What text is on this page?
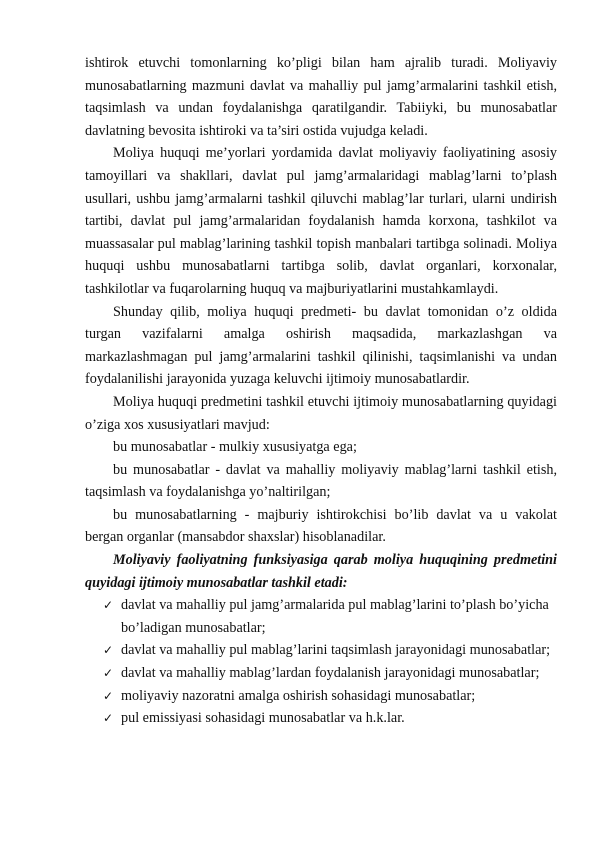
ishtirok etuvchi tomonlarning ko’pligi bilan ham ajralib turadi. Moliyaviy munosabatlarning mazmuni davlat va mahalliy pul jamg’armalarini tashkil etish, taqsimlash va undan foydalanishga qaratilgandir. Tabiiyki, bu munosabatlar davlatning bevosita ishtiroki va ta’siri ostida vujudga keladi.

Moliya huquqi me’yorlari yordamida davlat moliyaviy faoliyatining asosiy tamoyillari va shakllari, davlat pul jamg’armalaridagi mablag’larni to’plash usullari, ushbu jamg’armalarni tashkil qiluvchi mablag’lar turlari, ularni undirish tartibi, davlat pul jamg’armalaridan foydalanish hamda korxona, tashkilot va muassasalar pul mablag’larining tashkil topish manbalari tartibga solinadi. Moliya huquqi ushbu munosabatlarni tartibga solib, davlat organlari, korxonalar, tashkilotlar va fuqarolarning huquq va majburiyatlarini mustahkamlaydi.

Shunday qilib, moliya huquqi predmeti- bu davlat tomonidan o’z oldida turgan vazifalarni amalga oshirish maqsadida, markazlashgan va markazlashmagan pul jamg’armalarini tashkil qilinishi, taqsimlanishi va undan foydalanilishi jarayonida yuzaga keluvchi ijtimoiy munosabatlardir.

Moliya huquqi predmetini tashkil etuvchi ijtimoiy munosabatlarning quyidagi o’ziga xos xususiyatlari mavjud:

bu munosabatlar - mulkiy xususiyatga ega;

bu munosabatlar - davlat va mahalliy moliyaviy mablag’larni tashkil etish, taqsimlash va foydalanishga yo’naltirilgan;

bu munosabatlarning - majburiy ishtirokchisi bo’lib davlat va u vakolat bergan organlar (mansabdor shaxslar) hisoblanadilar.

Moliyaviy faoliyatning funksiyasiga qarab moliya huquqining predmetini quyidagi ijtimoiy munosabatlar tashkil etadi:

✓ davlat va mahalliy pul jamg’armalarida pul mablag’larini to’plash bo’yicha bo’ladigan munosabatlar;
✓ davlat va mahalliy pul mablag’larini taqsimlash jarayonidagi munosabatlar;
✓ davlat va mahalliy mablag’lardan foydalanish jarayonidagi munosabatlar;
✓ moliyaviy nazoratni amalga oshirish sohasidagi munosabatlar;
✓ pul emissiyasi sohasidagi munosabatlar va h.k.lar.
